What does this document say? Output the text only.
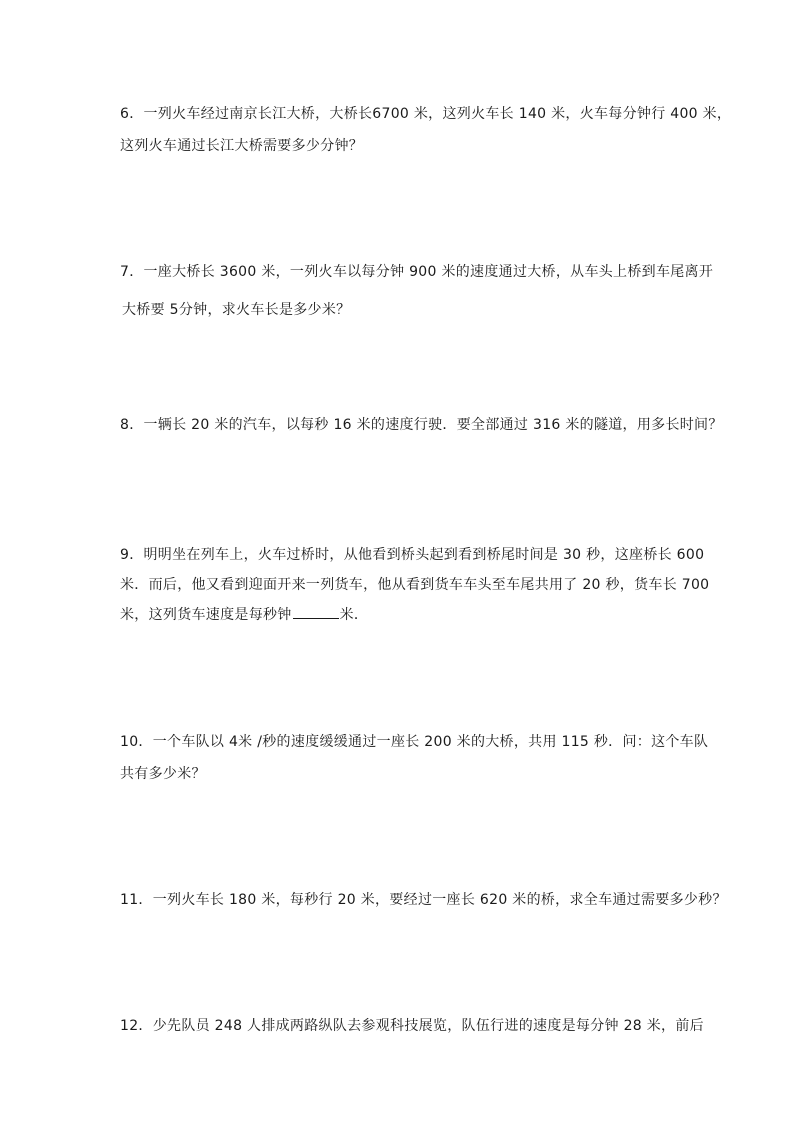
6．一列火车经过南京长江大桥，大桥长6700 米，这列火车长 140 米，火车每分钟行 400 米，
这列火车通过长江大桥需要多少分钟？
7．一座大桥长 3600 米，一列火车以每分钟 900 米的速度通过大桥，从车头上桥到车尾离开
大桥要 5分钟，求火车长是多少米？
8．一辆长 20 米的汽车，以每秒 16 米的速度行驶．要全部通过 316 米的隧道，用多长时间？
9．明明坐在列车上，火车过桥时，从他看到桥头起到看到桥尾时间是 30 秒，这座桥长 600
米．而后，他又看到迎面开来一列货车，他从看到货车车头至车尾共用了 20 秒，货车长 700
米，这列货车速度是每秒钟	米．
10．一个车队以 4米 /秒的速度缓缓通过一座长 200 米的大桥，共用 115 秒．问：这个车队
共有多少米？
11．一列火车长 180 米，每秒行 20 米，要经过一座长 620 米的桥，求全车通过需要多少秒？
12．少先队员 248 人排成两路纵队去参观科技展览，队伍行进的速度是每分钟 28 米，前后
